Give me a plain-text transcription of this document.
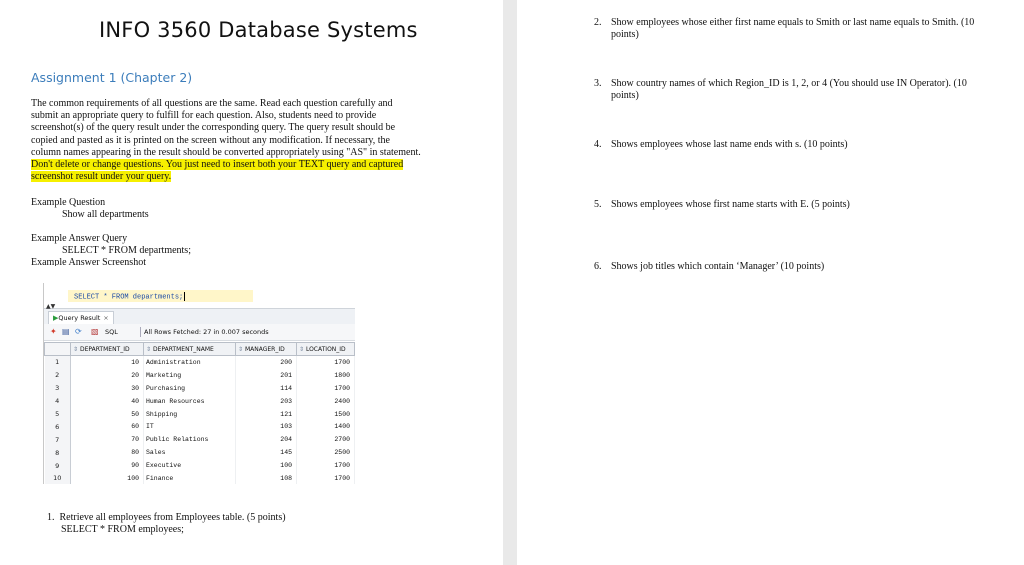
INFO 3560 Database Systems
Assignment 1 (Chapter 2)
The common requirements of all questions are the same. Read each question carefully and
submit an appropriate query to fulfill for each question. Also, students need to provide
screenshot(s) of the query result under the corresponding query. The query result should be
copied and pasted as it is printed on the screen without any modification. If necessary, the
column names appearing in the result should be converted appropriately using "AS" in statement.
Don't delete or change questions. You just need to insert both your TEXT query and captured
screenshot result under your query.
Example Question
Show all departments
Example Answer Query
SELECT * FROM departments;
Example Answer Screenshot
SELECT * FROM departments;
▲▼
▶Query Result ×
✦ ▤ ⟳ ▧ SQL	All Rows Fetched: 27 in 0.007 seconds
	⇕ DEPARTMENT_ID	⇕ DEPARTMENT_NAME	⇕ MANAGER_ID	⇕ LOCATION_ID
1	10	Administration	200	1700
2	20	Marketing	201	1800
3	30	Purchasing	114	1700
4	40	Human Resources	203	2400
5	50	Shipping	121	1500
6	60	IT	103	1400
7	70	Public Relations	204	2700
8	80	Sales	145	2500
9	90	Executive	100	1700
10	100	Finance	108	1700
1. Retrieve all employees from Employees table. (5 points)
SELECT * FROM employees;
2. Show employees whose either first name equals to Smith or last name equals to Smith. (10 points)
3. Show country names of which Region_ID is 1, 2, or 4 (You should use IN Operator). (10 points)
4. Shows employees whose last name ends with s. (10 points)
5. Shows employees whose first name starts with E. (5 points)
6. Shows job titles which contain ‘Manager’ (10 points)
